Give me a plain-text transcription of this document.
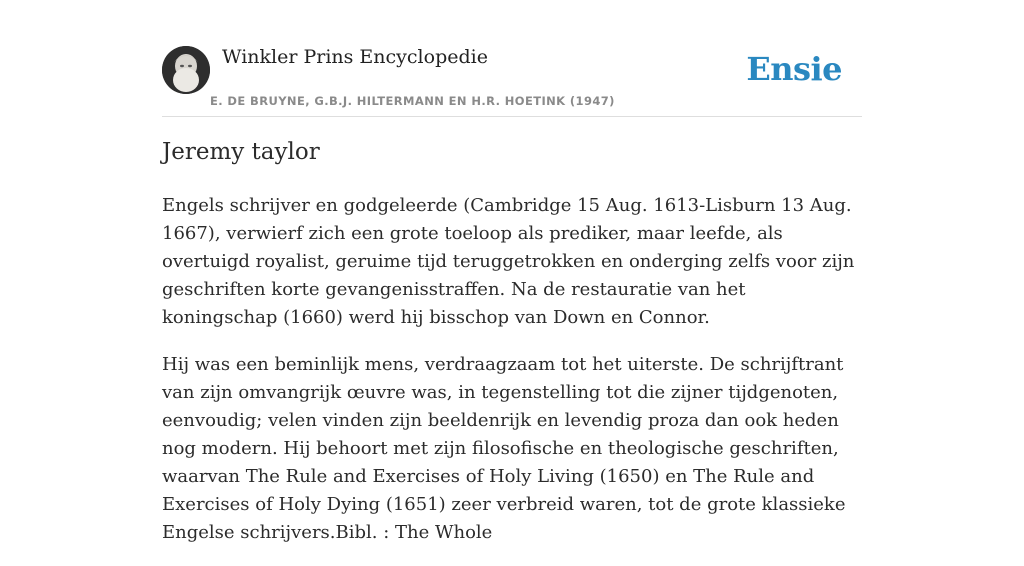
Winkler Prins Encyclopedie
E. DE BRUYNE, G.B.J. HILTERMANN EN H.R. HOETINK (1947)
Ensie
Jeremy taylor

Engels schrijver en godgeleerde (Cambridge 15 Aug. 1613-Lisburn 13 Aug. 1667), verwierf zich een grote toeloop als prediker, maar leefde, als overtuigd royalist, geruime tijd teruggetrokken en onderging zelfs voor zijn geschriften korte gevangenisstraffen. Na de restauratie van het koningschap (1660) werd hij bisschop van Down en Connor.

Hij was een beminlijk mens, verdraagzaam tot het uiterste. De schrijftrant van zijn omvangrijk œuvre was, in tegenstelling tot die zijner tijdgenoten, eenvoudig; velen vinden zijn beeldenrijk en levendig proza dan ook heden nog modern. Hij behoort met zijn filosofische en theologische geschriften, waarvan The Rule and Exercises of Holy Living (1650) en The Rule and Exercises of Holy Dying (1651) zeer verbreid waren, tot de grote klassieke Engelse schrijvers.Bibl. : The Whole
